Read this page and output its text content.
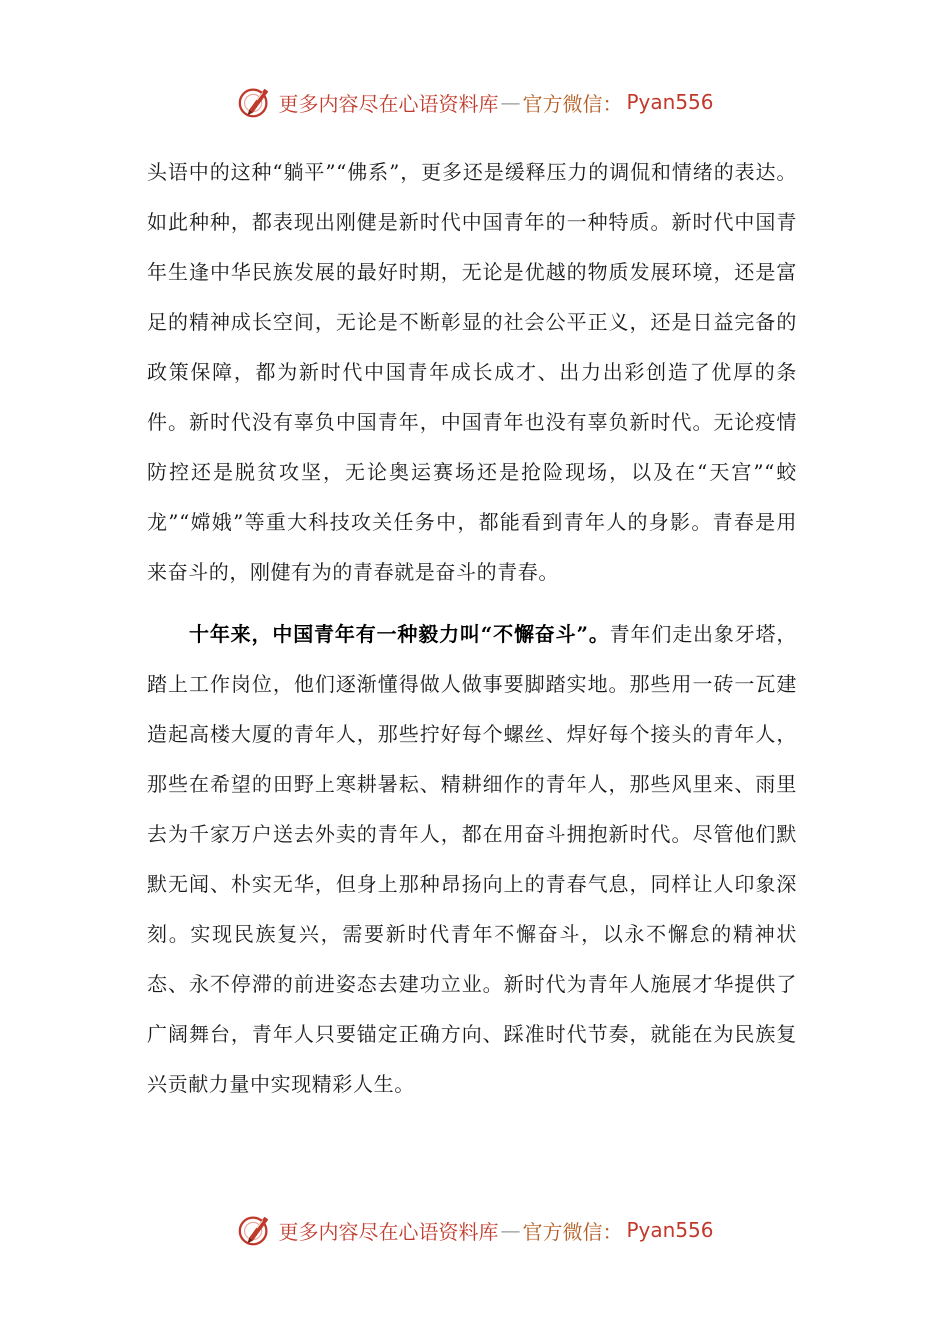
更多内容尽在心语资料库 — 官方微信： Pyan556

头语中的这种“躺平”“佛系”，更多还是缓释压力的调侃和情绪的表达。如此种种，都表现出刚健是新时代中国青年的一种特质。新时代中国青年生逢中华民族发展的最好时期，无论是优越的物质发展环境，还是富足的精神成长空间，无论是不断彰显的社会公平正义，还是日益完备的政策保障，都为新时代中国青年成长成才、出力出彩创造了优厚的条件。新时代没有辜负中国青年，中国青年也没有辜负新时代。无论疫情防控还是脱贫攻坚，无论奥运赛场还是抢险现场，以及在“天宫”“蛟龙”“嫦娥”等重大科技攻关任务中，都能看到青年人的身影。青春是用来奋斗的，刚健有为的青春就是奋斗的青春。

十年来，中国青年有一种毅力叫“不懈奋斗”。青年们走出象牙塔，踏上工作岗位，他们逐渐懂得做人做事要脚踏实地。那些用一砖一瓦建造起高楼大厦的青年人，那些拧好每个螺丝、焊好每个接头的青年人，那些在希望的田野上寒耕暑耘、精耕细作的青年人，那些风里来、雨里去为千家万户送去外卖的青年人，都在用奋斗拥抱新时代。尽管他们默默无闻、朴实无华，但身上那种昂扬向上的青春气息，同样让人印象深刻。实现民族复兴，需要新时代青年不懈奋斗，以永不懈怠的精神状态、永不停滞的前进姿态去建功立业。新时代为青年人施展才华提供了广阔舞台，青年人只要锚定正确方向、踩准时代节奏，就能在为民族复兴贡献力量中实现精彩人生。

更多内容尽在心语资料库 — 官方微信： Pyan556
